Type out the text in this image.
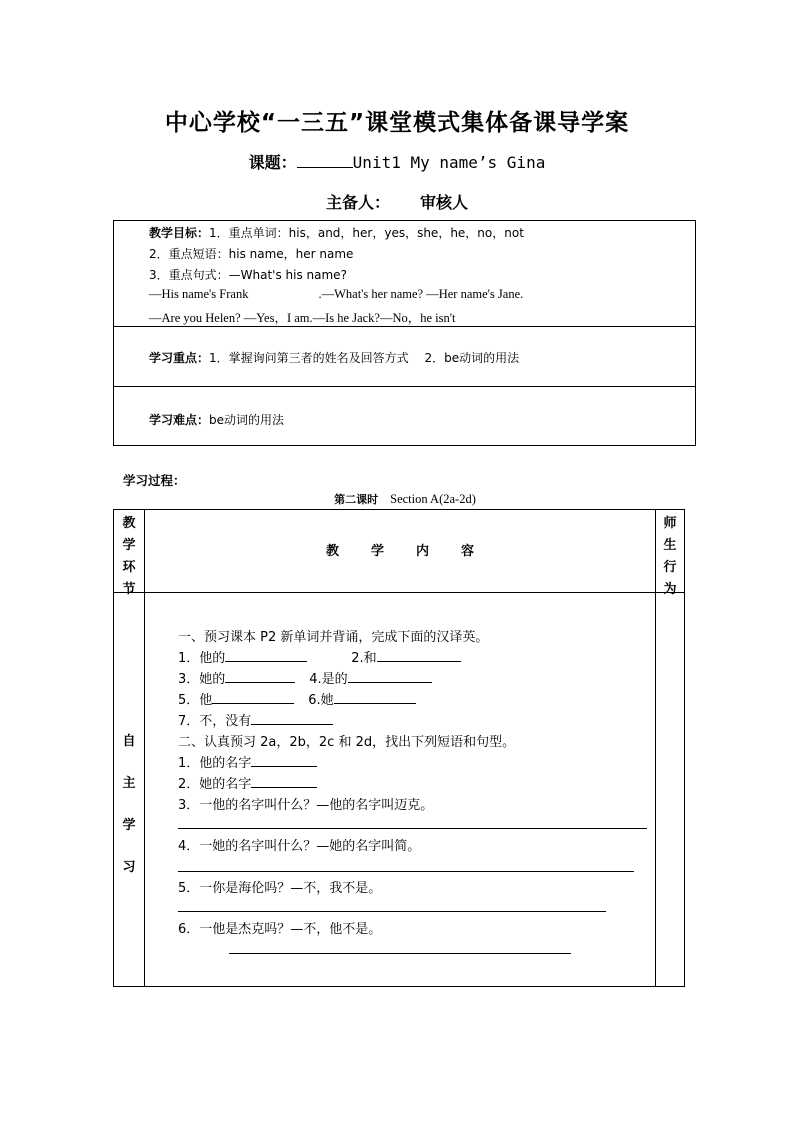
中心学校“一三五”课堂模式集体备课导学案
课题：	Unit1 My name’s Gina
主备人： 审核人
教学目标：1．重点单词：his，and，her，yes，she，he，no，not
2．重点短语：his name，her name
3．重点句式：—What's his name?
—His name's Frank	.—What's her name? —Her name's Jane.
—Are you Helen? —Yes，I am.—Is he Jack?—No，he isn't
学习重点：1．掌握询问第三者的姓名及回答方式　 2．be动词的用法
学习难点：be动词的用法
学习过程：
第二课时 Section A(2a-2d)
教
学
环
节
教 学 内 容
师
生
行
为
自
主
学
习
一、预习课本 P2 新单词并背诵，完成下面的汉译英。
1．他的	2.和
3．她的	4.是的
5．他	6.她
7．不，没有
二、认真预习 2a，2b，2c 和 2d，找出下列短语和句型。
1．他的名字
2．她的名字
3．一他的名字叫什么？—他的名字叫迈克。
4．一她的名字叫什么？—她的名字叫简。
5．一你是海伦吗？—不，我不是。
6．一他是杰克吗？—不，他不是。
